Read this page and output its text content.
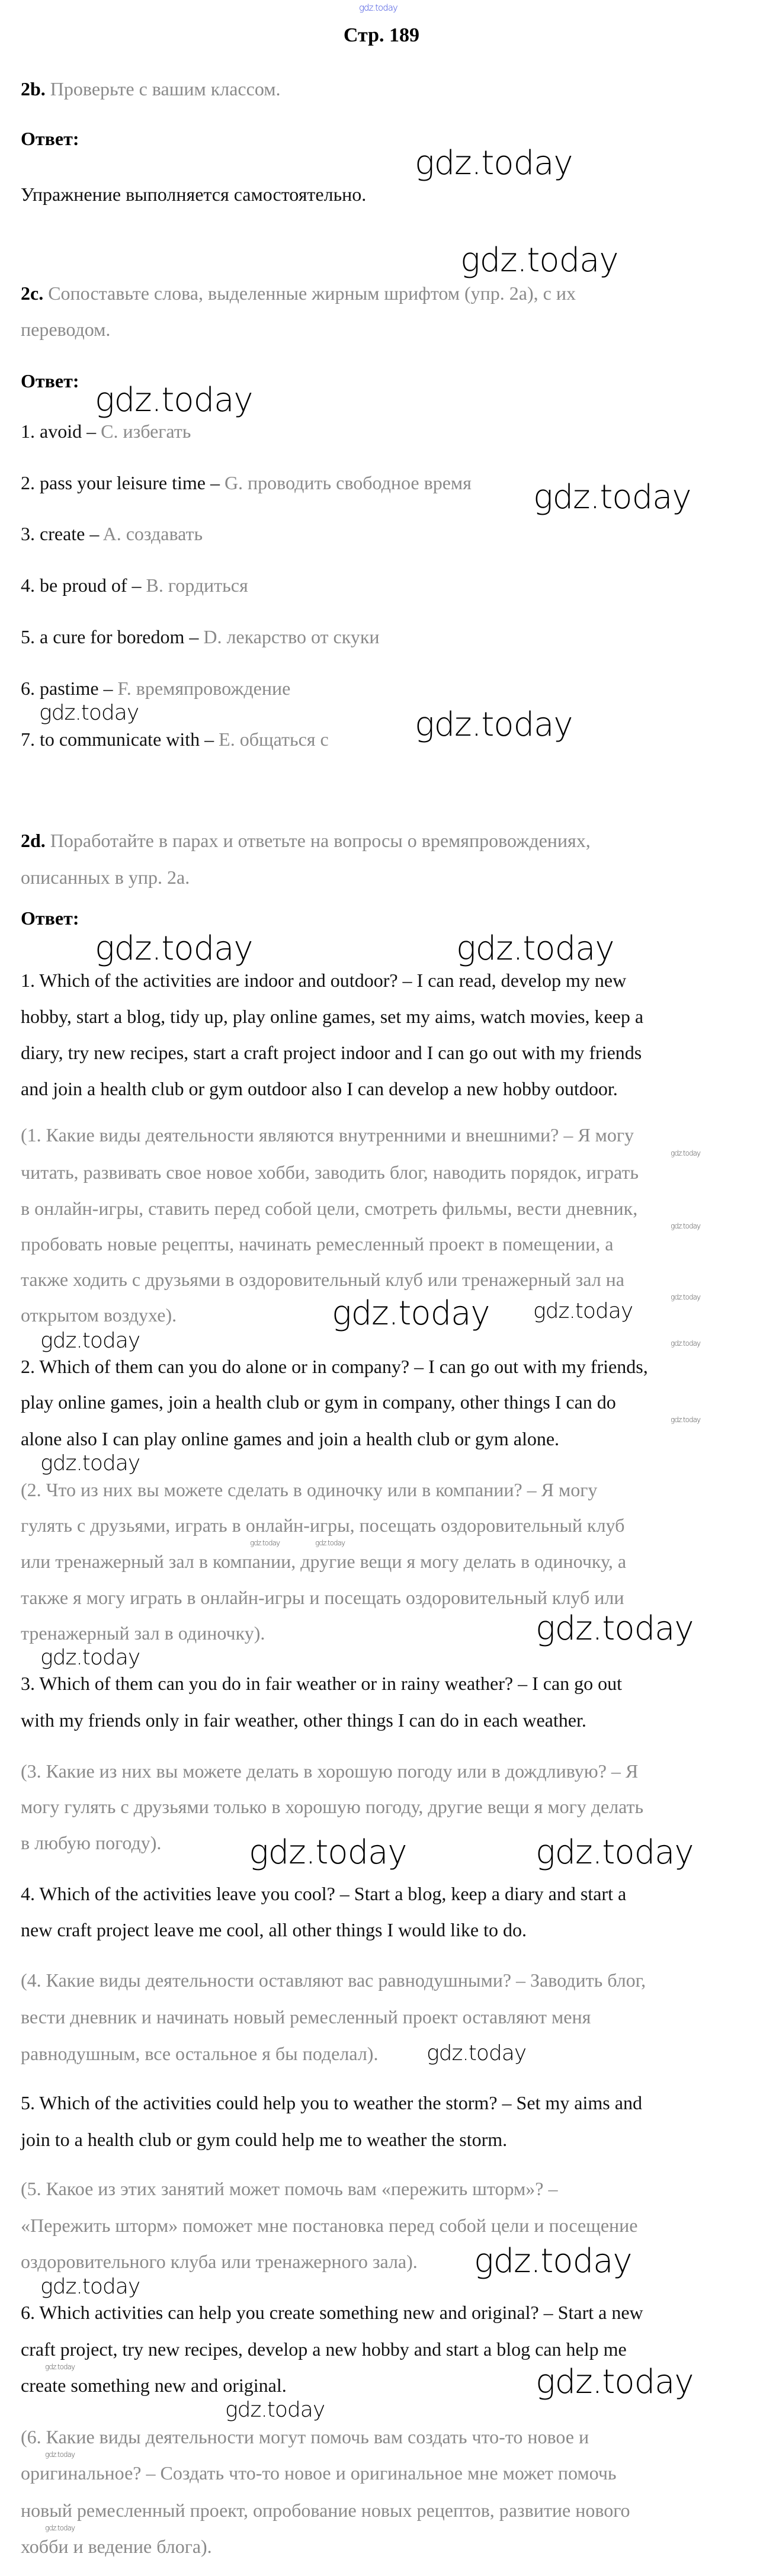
gdz.today
gdz.today
gdz.today
gdz.today
gdz.today
gdz.today	gdz.today
gdz.today	gdz.today
gdz.today
gdz.today
gdz.today
gdz.today gdz.today
gdz.today	gdz.today
gdz.today
gdz.today
gdz.today	gdz.today
gdz.today
gdz.today
gdz.today	gdz.today
gdz.today
gdz.today
gdz.today
gdz.today	gdz.today
gdz.today
gdz.today
gdz.today
Стр. 189
2b. Проверьте с вашим классом.
Ответ:
Упражнение выполняется самостоятельно.
2c. Сопоставьте слова, выделенные жирным шрифтом (упр. 2а), с их
переводом.
Ответ:
1. avoid – C. избегать
2. pass your leisure time – G. проводить свободное время
3. create – A. создавать
4. be proud of – B. гордиться
5. a cure for boredom – D. лекарство от скуки
6. pastime – F. времяпровождение
7. to communicate with – E. общаться с
2d. Поработайте в парах и ответьте на вопросы о времяпровождениях,
описанных в упр. 2а.
Ответ:
1. Which of the activities are indoor and outdoor? – I can read, develop my new
hobby, start a blog, tidy up, play online games, set my aims, watch movies, keep a
diary, try new recipes, start a craft project indoor and I can go out with my friends
and join a health club or gym outdoor also I can develop a new hobby outdoor.
(1. Какие виды деятельности являются внутренними и внешними? – Я могу
читать, развивать свое новое хобби, заводить блог, наводить порядок, играть
в онлайн-игры, ставить перед собой цели, смотреть фильмы, вести дневник,
пробовать новые рецепты, начинать ремесленный проект в помещении, а
также ходить с друзьями в оздоровительный клуб или тренажерный зал на
открытом воздухе).
2. Which of them can you do alone or in company? – I can go out with my friends,
play online games, join a health club or gym in company, other things I can do
alone also I can play online games and join a health club or gym alone.
(2. Что из них вы можете сделать в одиночку или в компании? – Я могу
гулять с друзьями, играть в онлайн-игры, посещать оздоровительный клуб
или тренажерный зал в компании, другие вещи я могу делать в одиночку, а
также я могу играть в онлайн-игры и посещать оздоровительный клуб или
тренажерный зал в одиночку).
3. Which of them can you do in fair weather or in rainy weather? – I can go out
with my friends only in fair weather, other things I can do in each weather.
(3. Какие из них вы можете делать в хорошую погоду или в дождливую? – Я
могу гулять с друзьями только в хорошую погоду, другие вещи я могу делать
в любую погоду).
4. Which of the activities leave you cool? – Start a blog, keep a diary and start a
new craft project leave me cool, all other things I would like to do.
(4. Какие виды деятельности оставляют вас равнодушными? – Заводить блог,
вести дневник и начинать новый ремесленный проект оставляют меня
равнодушным, все остальное я бы поделал).
5. Which of the activities could help you to weather the storm? – Set my aims and
join to a health club or gym could help me to weather the storm.
(5. Какое из этих занятий может помочь вам «пережить шторм»? –
«Пережить шторм» поможет мне постановка перед собой цели и посещение
оздоровительного клуба или тренажерного зала).
6. Which activities can help you create something new and original? – Start a new
craft project, try new recipes, develop a new hobby and start a blog can help me
create something new and original.
(6. Какие виды деятельности могут помочь вам создать что-то новое и
оригинальное? – Создать что-то новое и оригинальное мне может помочь
новый ремесленный проект, опробование новых рецептов, развитие нового
хобби и ведение блога).
